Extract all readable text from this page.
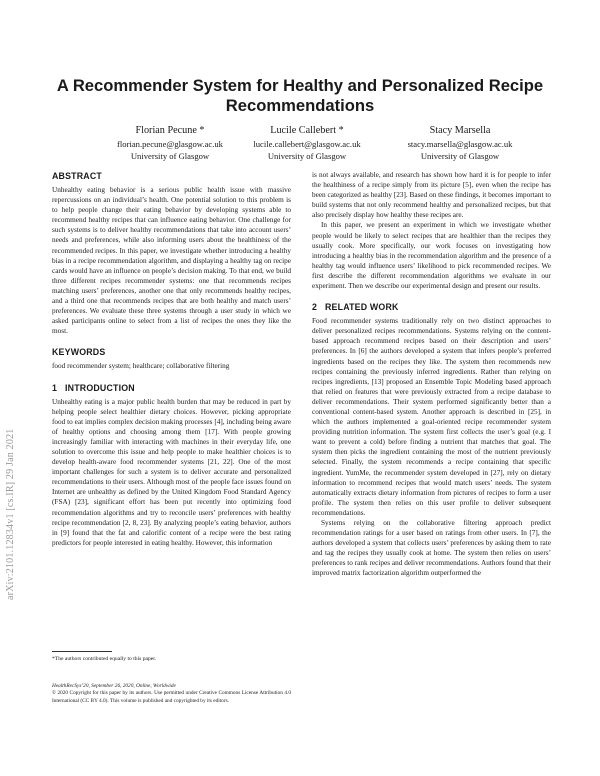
arXiv:2101.12834v1 [cs.IR] 29 Jan 2021
A Recommender System for Healthy and Personalized Recipe Recommendations
Florian Pecune *
florian.pecune@glasgow.ac.uk
University of Glasgow
Lucile Callebert *
lucile.callebert@glasgow.ac.uk
University of Glasgow
Stacy Marsella
stacy.marsella@glasgow.ac.uk
University of Glasgow
ABSTRACT

Unhealthy eating behavior is a serious public health issue with massive repercussions on an individual’s health. One potential solution to this problem is to help people change their eating behavior by developing systems able to recommend healthy recipes that can influence eating behavior. One challenge for such systems is to deliver healthy recommendations that take into account users’ needs and preferences, while also informing users about the healthiness of the recommended recipes. In this paper, we investigate whether introducing a healthy bias in a recipe recommendation algorithm, and displaying a healthy tag on recipe cards would have an influence on people’s decision making. To that end, we build three different recipes recommender systems: one that recommends recipes matching users’ preferences, another one that only recommends healthy recipes, and a third one that recommends recipes that are both healthy and match users’ preferences. We evaluate these three systems through a user study in which we asked participants online to select from a list of recipes the ones they like the most.

KEYWORDS

food recommender system; healthcare; collaborative filtering

1 INTRODUCTION

Unhealthy eating is a major public health burden that may be reduced in part by helping people select healthier dietary choices. However, picking appropriate food to eat implies complex decision making processes [4], including being aware of healthy options and choosing among them [17]. With people growing increasingly familiar with interacting with machines in their everyday life, one solution to overcome this issue and help people to make healthier choices is to develop health-aware food recommender systems [21, 22]. One of the most important challenges for such a system is to deliver accurate and personalized recommendations to their users. Although most of the people face issues found on Internet are unhealthy as defined by the United Kingdom Food Standard Agency (FSA) [23], significant effort has been put recently into optimizing food recommendation algorithms and try to reconcile users’ preferences with healthy recipe recommendation [2, 8, 23]. By analyzing people’s eating behavior, authors in [9] found that the fat and calorific content of a recipe were the best rating predictors for people interested in eating healthy. However, this information

*The authors contributed equally to this paper.
HealthRecSys’20, September 26, 2020, Online, Worldwide
© 2020 Copyright for this paper by its authors. Use permitted under Creative Commons License Attribution 4.0 International (CC BY 4.0). This volume is published and copyrighted by its editors.

is not always available, and research has shown how hard it is for people to infer the healthiness of a recipe simply from its picture [5], even when the recipe has been categorized as healthy [23]. Based on these findings, it becomes important to build systems that not only recommend healthy and personalized recipes, but that also precisely display how healthy these recipes are.

In this paper, we present an experiment in which we investigate whether people would be likely to select recipes that are healthier than the recipes they usually cook. More specifically, our work focuses on investigating how introducing a healthy bias in the recommendation algorithm and the presence of a healthy tag would influence users’ likelihood to pick recommended recipes. We first describe the different recommendation algorithms we evaluate in our experiment. Then we describe our experimental design and present our results.

2 RELATED WORK

Food recommender systems traditionally rely on two distinct approaches to deliver personalized recipes recommendations. Systems relying on the content-based approach recommend recipes based on their description and users’ preferences. In [6] the authors developed a system that infers people’s preferred ingredients based on the recipes they like. The system then recommends new recipes containing the previously inferred ingredients. Rather than relying on recipes ingredients, [13] proposed an Ensemble Topic Modeling based approach that relied on features that were previously extracted from a recipe database to deliver recommendations. Their system performed significantly better than a conventional content-based system. Another approach is described in [25], in which the authors implemented a goal-oriented recipe recommender system providing nutrition information. The system first collects the user’s goal (e.g. I want to prevent a cold) before finding a nutrient that matches that goal. The system then picks the ingredient containing the most of the nutrient previously selected. Finally, the system recommends a recipe containing that specific ingredient. YumMe, the recommender system developed in [27], rely on dietary information to recommend recipes that would match users’ needs. The system automatically extracts dietary information from pictures of recipes to form a user profile. The system then relies on this user profile to deliver subsequent recommendations.

Systems relying on the collaborative filtering approach predict recommendation ratings for a user based on ratings from other users. In [7], the authors developed a system that collects users’ preferences by asking them to rate and tag the recipes they usually cook at home. The system then relies on users’ preferences to rank recipes and deliver recommendations. Authors found that their improved matrix factorization algorithm outperformed the
